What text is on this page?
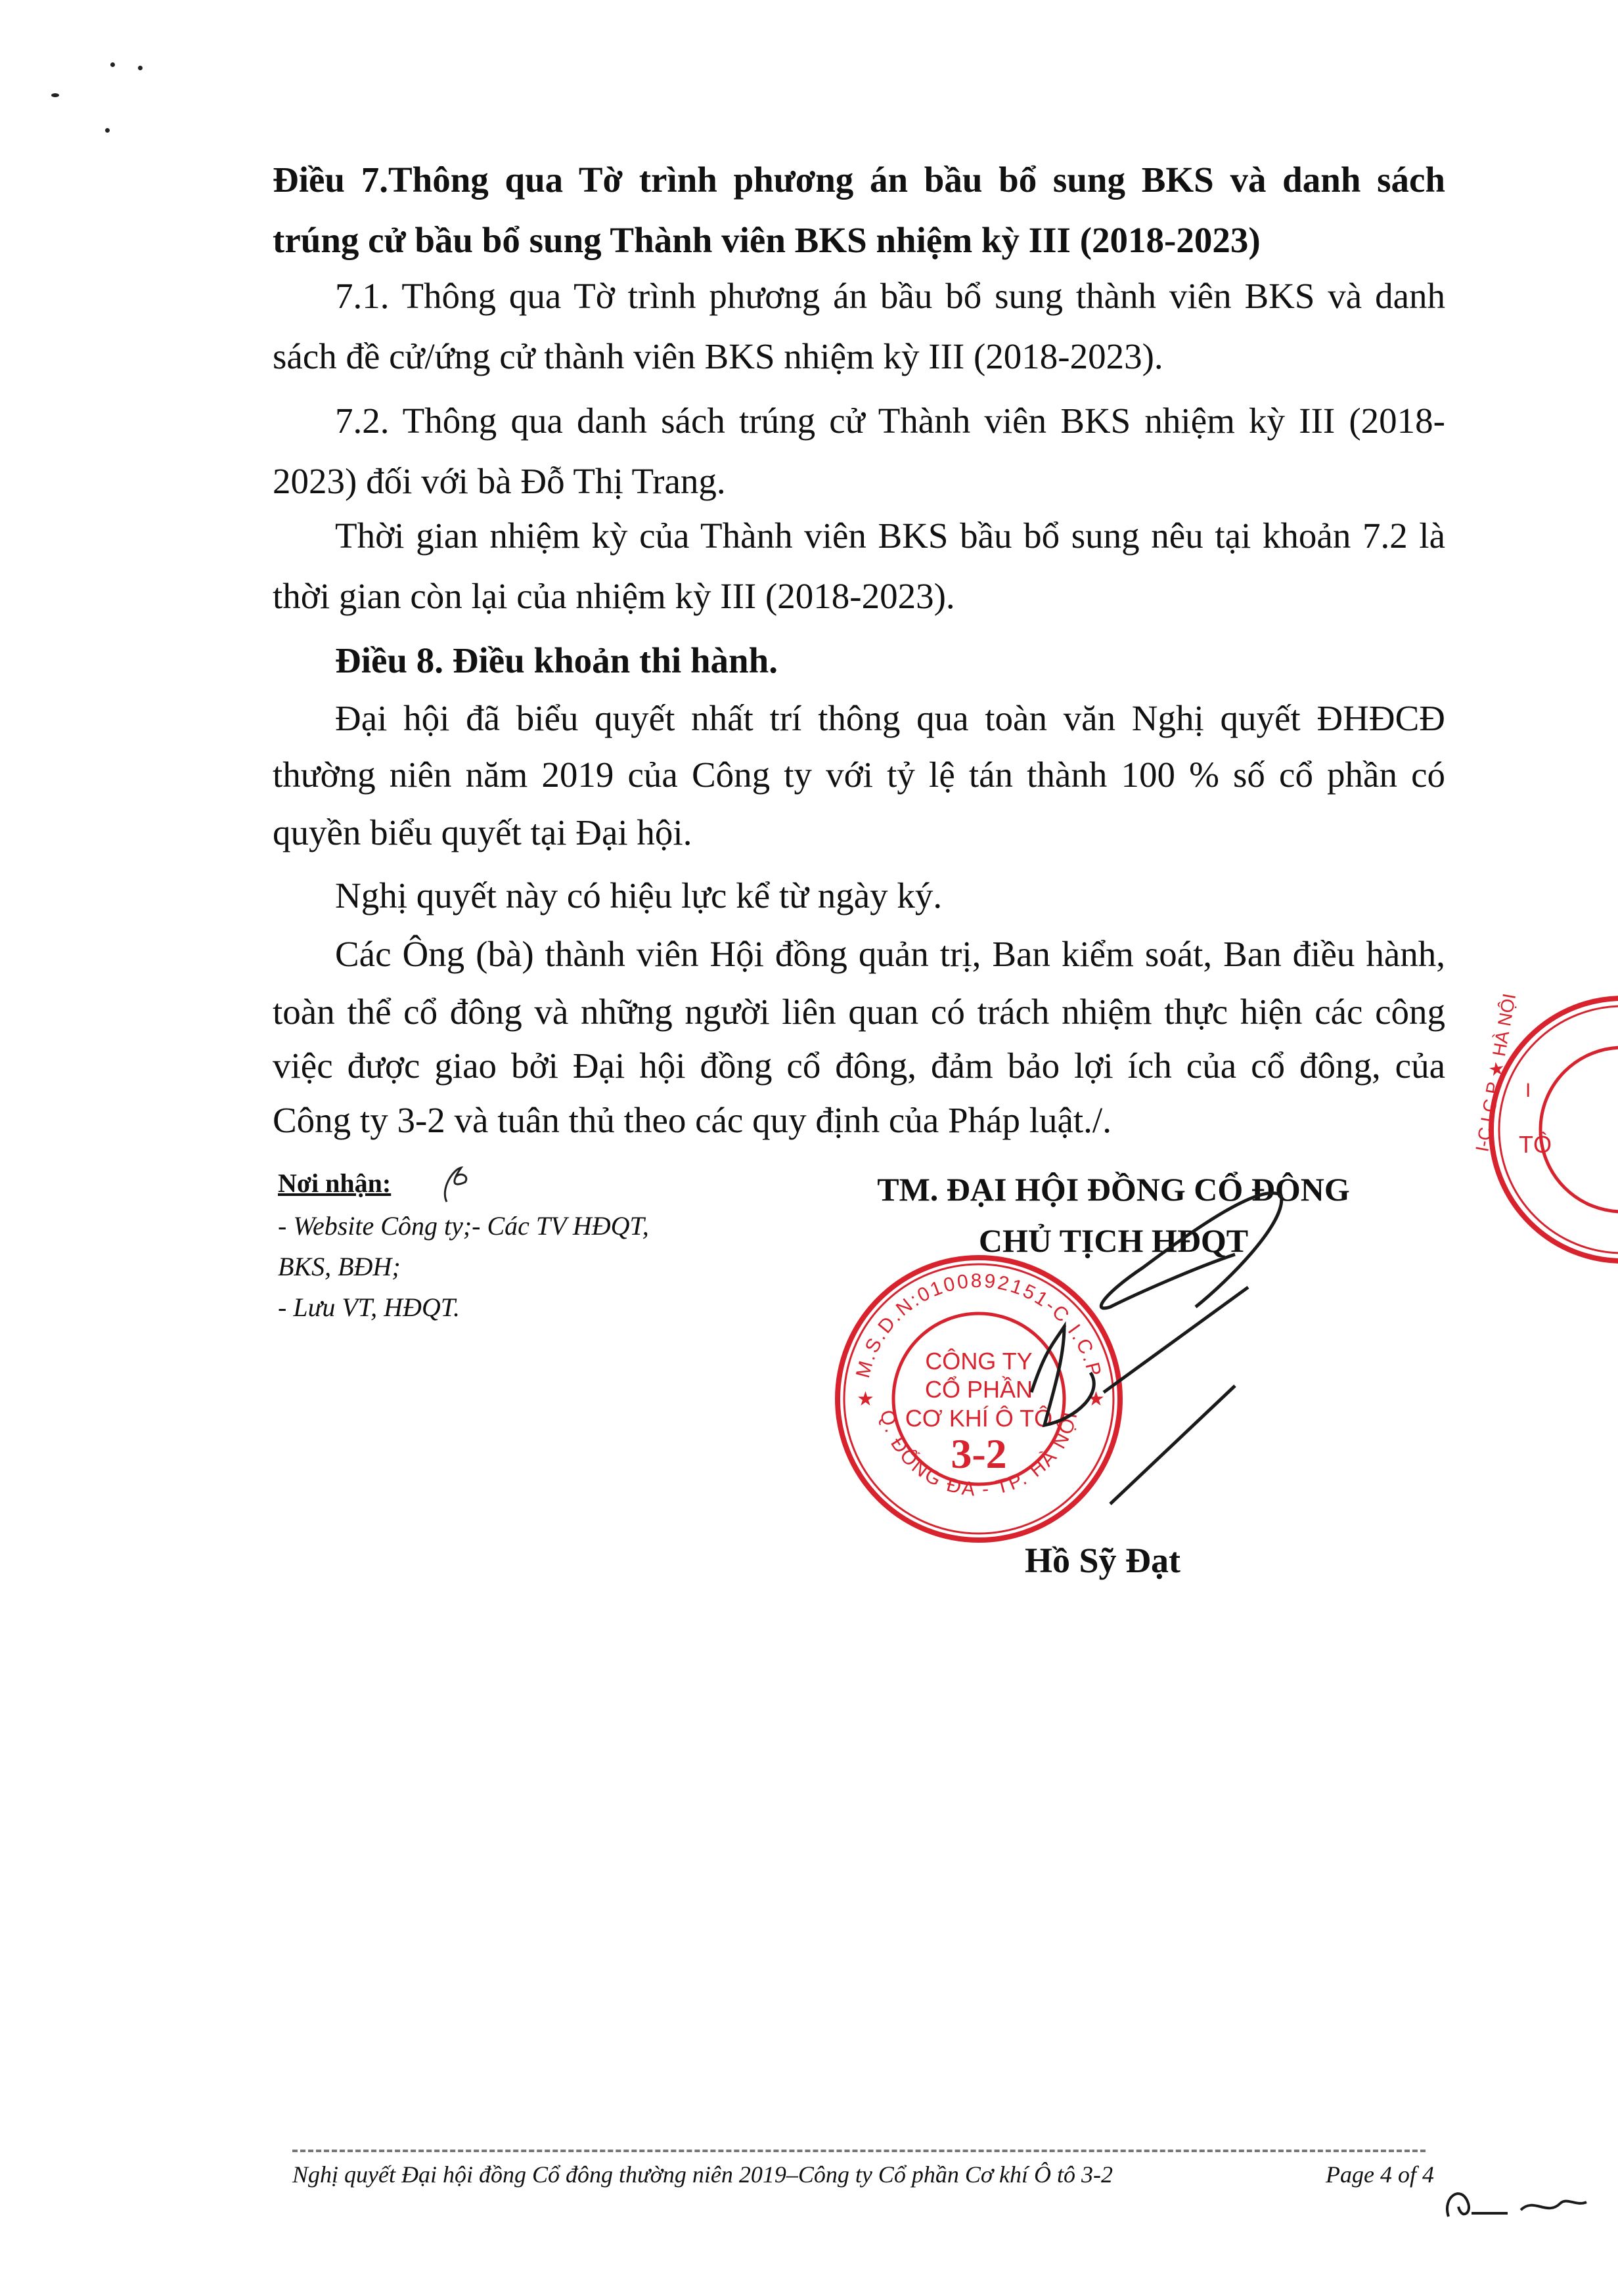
Điều 7.Thông qua Tờ trình phương án bầu bổ sung BKS và danh sách
trúng cử bầu bổ sung Thành viên BKS nhiệm kỳ III (2018-2023)
7.1. Thông qua Tờ trình phương án bầu bổ sung thành viên BKS và danh
sách đề cử/ứng cử thành viên BKS nhiệm kỳ III (2018-2023).
7.2. Thông qua danh sách trúng cử Thành viên BKS nhiệm kỳ III (2018-
2023) đối với bà Đỗ Thị Trang.
Thời gian nhiệm kỳ của Thành viên BKS bầu bổ sung nêu tại khoản 7.2 là
thời gian còn lại của nhiệm kỳ III (2018-2023).
Điều 8. Điều khoản thi hành.
Đại hội đã biểu quyết nhất trí thông qua toàn văn Nghị quyết ĐHĐCĐ
thường niên năm 2019 của Công ty với tỷ lệ tán thành 100 % số cổ phần có
quyền biểu quyết tại Đại hội.
Nghị quyết này có hiệu lực kể từ ngày ký.
Các Ông (bà) thành viên Hội đồng quản trị, Ban kiểm soát, Ban điều hành,
toàn thể cổ đông và những người liên quan có trách nhiệm thực hiện các công
việc được giao bởi Đại hội đồng cổ đông, đảm bảo lợi ích của cổ đông, của
Công ty 3-2 và tuân thủ theo các quy định của Pháp luật./.
Nơi nhận:
- Website Công ty;- Các TV HĐQT,
BKS, BĐH;
- Lưu VT, HĐQT.
TM. ĐẠI HỘI ĐỒNG CỔ ĐÔNG
CHỦ TỊCH HĐQT
M.S.D.N:0100892151-C.I.C.P
Q. ĐỐNG ĐA - TP. HÀ NỘI
★	★
CÔNG TY
CỔ PHẦN
CƠ KHÍ Ô TÔ
3-2
I
I-C.I.C.P ★ HÀ NỘI
TÔ
Hồ Sỹ Đạt
Nghị quyết Đại hội đồng Cổ đông thường niên 2019–Công ty Cổ phần Cơ khí Ô tô 3-2	Page 4 of 4
